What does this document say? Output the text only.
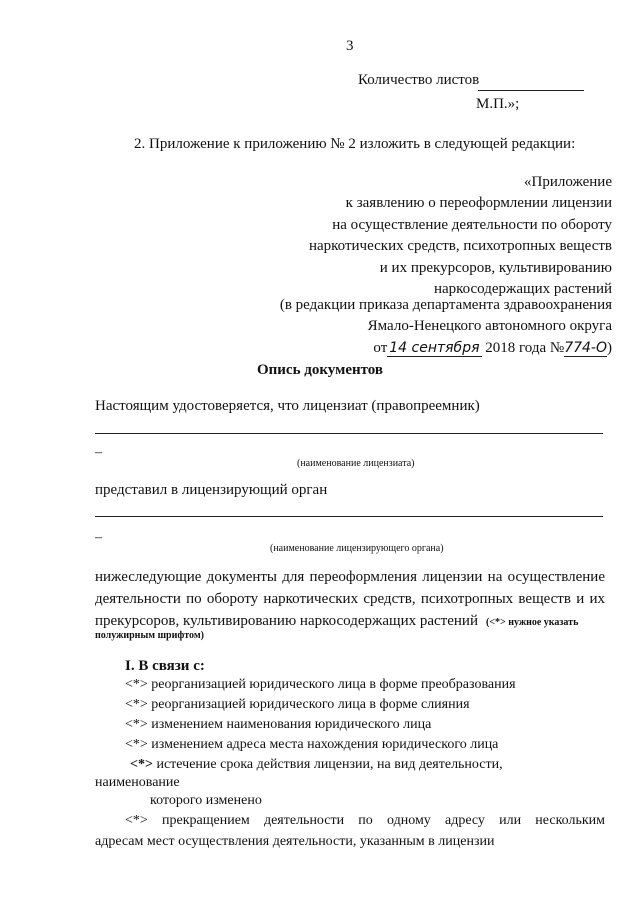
3
Количество листов
М.П.»;
2. Приложение к приложению № 2 изложить в следующей редакции:
«Приложение
к заявлению о переоформлении лицензии
на осуществление деятельности по обороту
наркотических средств, психотропных веществ
и их прекурсоров, культивированию
наркосодержащих растений
(в редакции приказа департамента здравоохранения
Ямало-Ненецкого автономного округа
от 14 сентября 2018 года №774-О)
Опись документов
Настоящим удостоверяется, что лицензиат (правопреемник)
–
(наименование лицензиата)
представил в лицензирующий орган
–
(наименование лицензирующего органа)
нижеследующие документы для переоформления лицензии на осуществление
деятельности по обороту наркотических средств, психотропных веществ и их
прекурсоров, культивированию наркосодержащих растений (<*> нужное указать
полужирным шрифтом)
I. В связи с:
<*> реорганизацией юридического лица в форме преобразования
<*> реорганизацией юридического лица в форме слияния
<*> изменением наименования юридического лица
<*> изменением адреса места нахождения юридического лица
<*> истечение срока действия лицензии, на вид деятельности,
наименование
которого изменено
<*> прекращением деятельности по одному адресу или нескольким
адресам мест осуществления деятельности, указанным в лицензии
